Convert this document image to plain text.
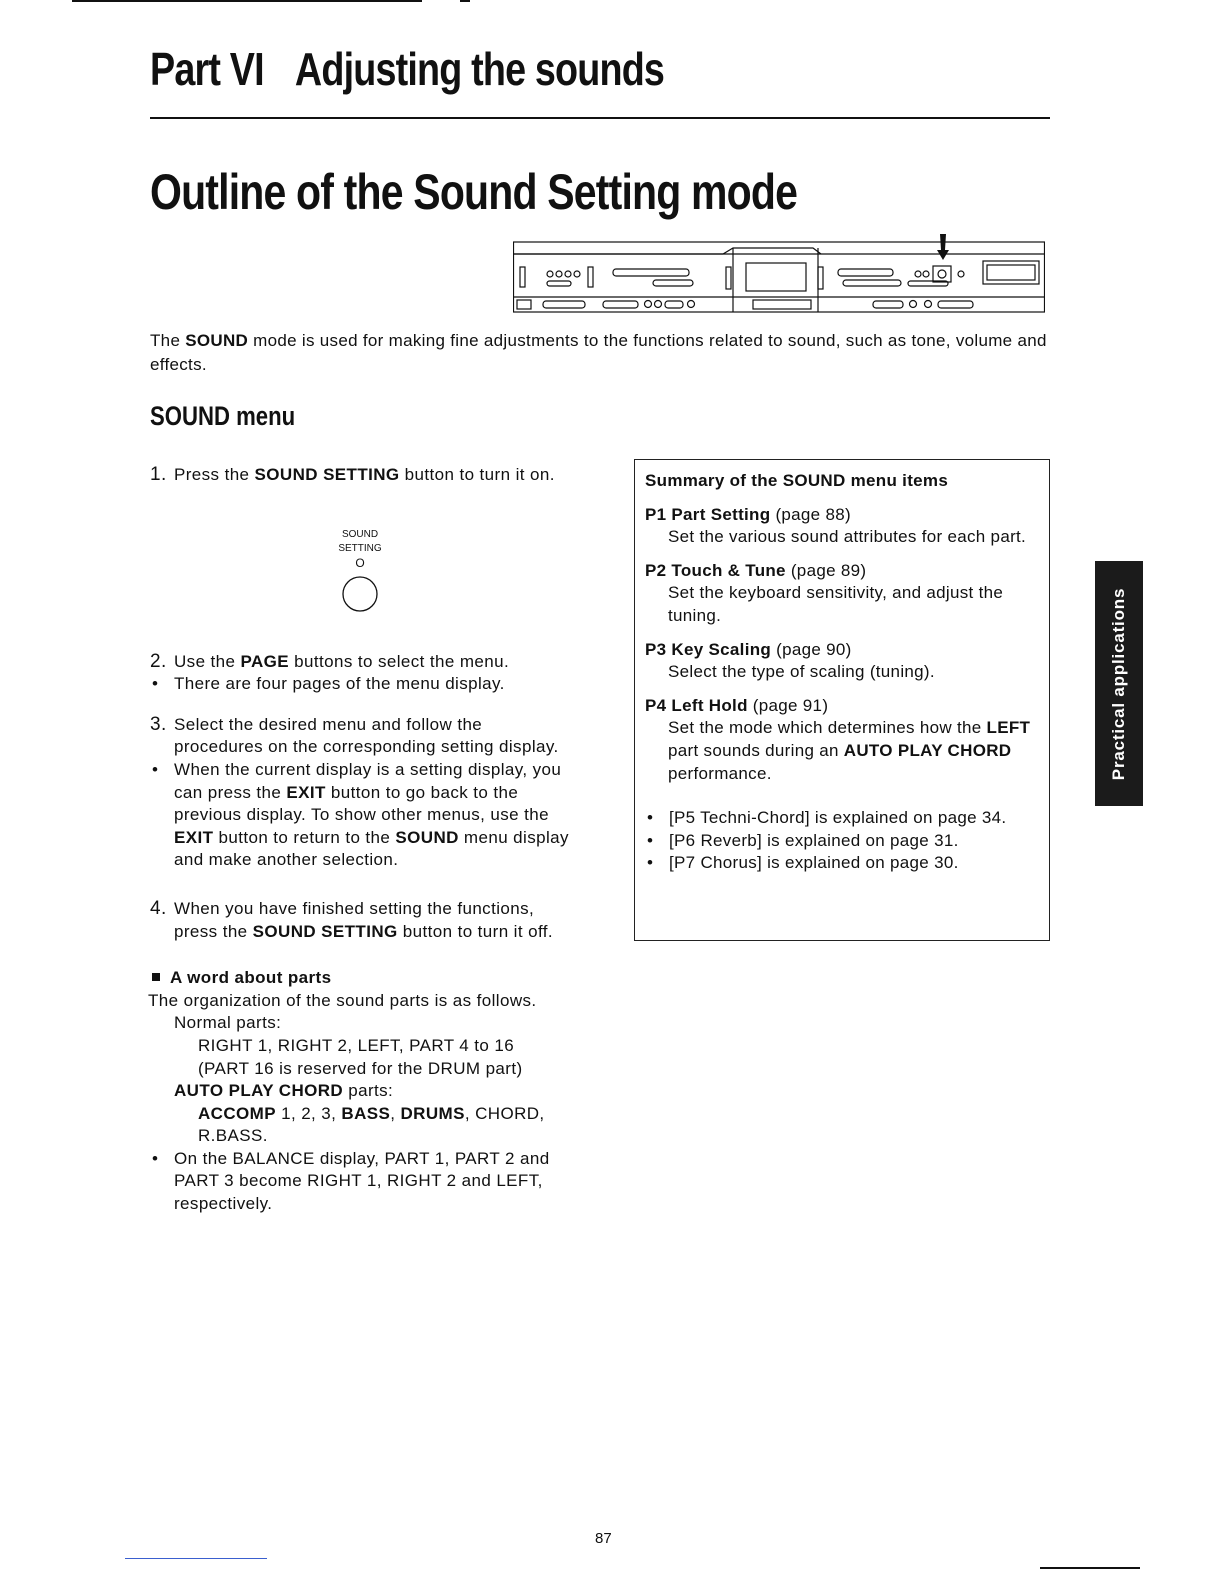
Part VI Adjusting the sounds
Outline of the Sound Setting mode
The SOUND mode is used for making fine adjustments to the functions related to sound, such as tone, volume and effects.
SOUND menu
1. Press the SOUND SETTING button to turn it on.
2. Use the PAGE buttons to select the menu.
• There are four pages of the menu display.
3. Select the desired menu and follow the procedures on the corresponding setting display.
• When the current display is a setting display, you can press the EXIT button to go back to the previous display. To show other menus, use the EXIT button to return to the SOUND menu display and make another selection.
4. When you have finished setting the functions, press the SOUND SETTING button to turn it off.
A word about parts
The organization of the sound parts is as follows.
Normal parts:
RIGHT 1, RIGHT 2, LEFT, PART 4 to 16
(PART 16 is reserved for the DRUM part)
AUTO PLAY CHORD parts:
ACCOMP 1, 2, 3, BASS, DRUMS, CHORD, R.BASS.
• On the BALANCE display, PART 1, PART 2 and PART 3 become RIGHT 1, RIGHT 2 and LEFT, respectively.
SOUND
SETTING
O
Summary of the SOUND menu items
P1 Part Setting (page 88)
Set the various sound attributes for each part.
P2 Touch & Tune (page 89)
Set the keyboard sensitivity, and adjust the tuning.
P3 Key Scaling (page 90)
Select the type of scaling (tuning).
P4 Left Hold (page 91)
Set the mode which determines how the LEFT part sounds during an AUTO PLAY CHORD performance.
• [P5 Techni-Chord] is explained on page 34.
• [P6 Reverb] is explained on page 31.
• [P7 Chorus] is explained on page 30.
Practical applications
87
